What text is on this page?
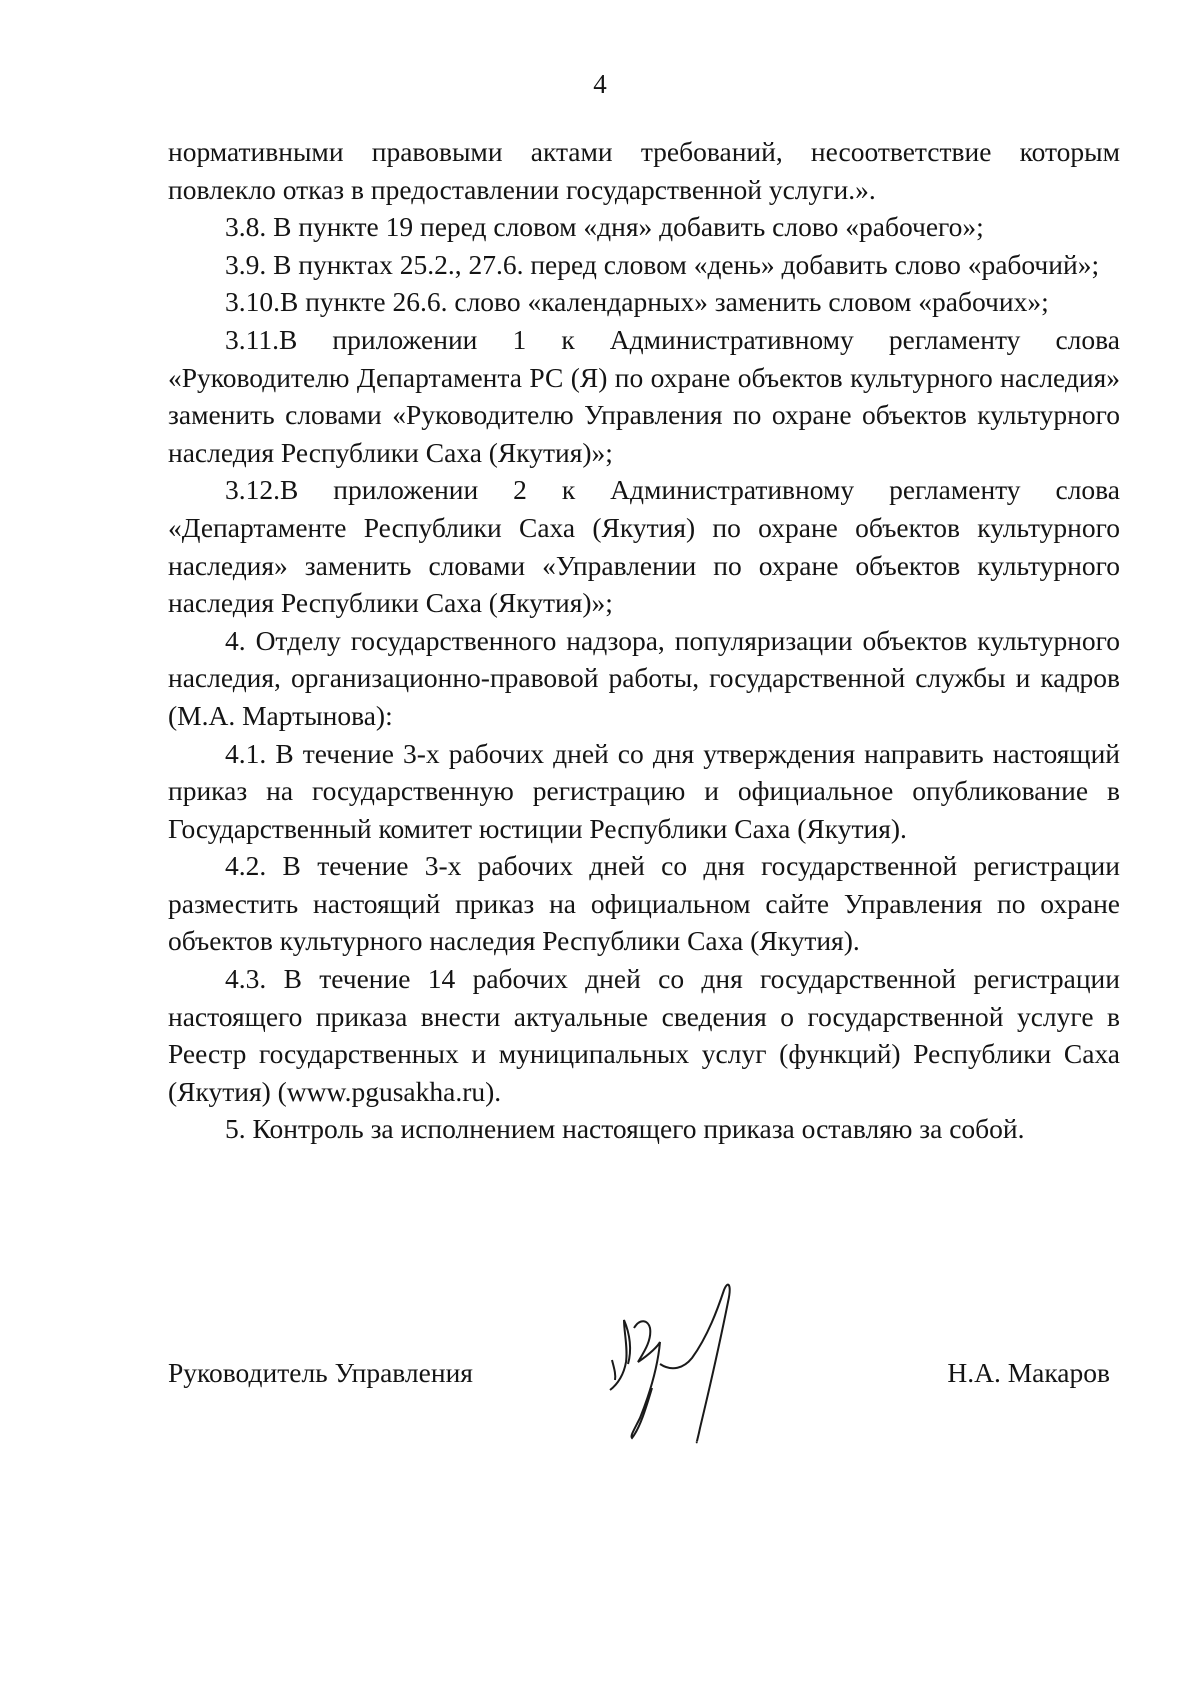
4

нормативными правовыми актами требований, несоответствие которым повлекло отказ в предоставлении государственной услуги.».

3.8. В пункте 19 перед словом «дня» добавить слово «рабочего»;

3.9. В пунктах 25.2., 27.6. перед словом «день» добавить слово «рабочий»;

3.10.В пункте 26.6. слово «календарных» заменить словом «рабочих»;

3.11.В приложении 1 к Административному регламенту слова «Руководителю Департамента РС (Я) по охране объектов культурного наследия» заменить словами «Руководителю Управления по охране объектов культурного наследия Республики Саха (Якутия)»;

3.12.В приложении 2 к Административному регламенту слова «Департаменте Республики Саха (Якутия) по охране объектов культурного наследия» заменить словами «Управлении по охране объектов культурного наследия Республики Саха (Якутия)»;

4. Отделу государственного надзора, популяризации объектов культурного наследия, организационно-правовой работы, государственной службы и кадров (М.А. Мартынова):

4.1. В течение 3-х рабочих дней со дня утверждения направить настоящий приказ на государственную регистрацию и официальное опубликование в Государственный комитет юстиции Республики Саха (Якутия).

4.2. В течение 3-х рабочих дней со дня государственной регистрации разместить настоящий приказ на официальном сайте Управления по охране объектов культурного наследия Республики Саха (Якутия).

4.3. В течение 14 рабочих дней со дня государственной регистрации настоящего приказа внести актуальные сведения о государственной услуге в Реестр государственных и муниципальных услуг (функций) Республики Саха (Якутия) (www.pgusakha.ru).

5. Контроль за исполнением настоящего приказа оставляю за собой.

Руководитель Управления	Н.А. Макаров
